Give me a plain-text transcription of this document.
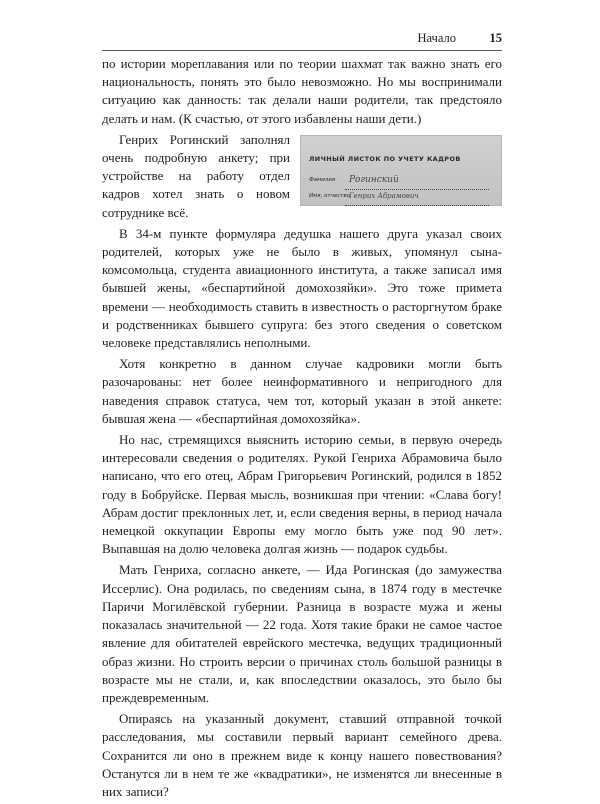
Начало	15

по истории мореплавания или по теории шахмат так важно знать его национальность, понять это было невозможно. Но мы воспринимали ситуацию как данность: так делали наши родители, так предстояло делать и нам. (К счастью, от этого избавлены наши дети.)

ЛИЧНЫЙ ЛИСТОК ПО УЧЕТУ КАДРОВ
Фамилия Рогинский
Имя, отчество
Генрих Абрамович

Генрих Рогинский заполнял очень подробную анкету; при устройстве на работу отдел кадров хотел знать о новом сотруднике всё.

В 34-м пункте формуляра дедушка нашего друга указал своих родителей, которых уже не было в живых, упомянул сына-комсомольца, студента авиационного института, а также записал имя бывшей жены, «беспартийной домохозяйки». Это тоже примета времени — необходимость ставить в известность о расторгнутом браке и родственниках бывшего супруга: без этого сведения о советском человеке представлялись неполными.

Хотя конкретно в данном случае кадровики могли быть разочарованы: нет более неинформативного и непригодного для наведения справок статуса, чем тот, который указан в этой анкете: бывшая жена — «беспартийная домохозяйка».

Но нас, стремящихся выяснить историю семьи, в первую очередь интересовали сведения о родителях. Рукой Генриха Абрамовича было написано, что его отец, Абрам Григорьевич Рогинский, родился в 1852 году в Бобруйске. Первая мысль, возникшая при чтении: «Слава богу! Абрам достиг преклонных лет, и, если сведения верны, в период начала немецкой оккупации Европы ему могло быть уже под 90 лет». Выпавшая на долю человека долгая жизнь — подарок судьбы.

Мать Генриха, согласно анкете, — Ида Рогинская (до замужества Иссерлис). Она родилась, по сведениям сына, в 1874 году в местечке Паричи Могилёвской губернии. Разница в возрасте мужа и жены показалась значительной — 22 года. Хотя такие браки не самое частое явление для обитателей еврейского местечка, ведущих традиционный образ жизни. Но строить версии о причинах столь большой разницы в возрасте мы не стали, и, как впоследствии оказалось, это было бы преждевременным.

Опираясь на указанный документ, ставший отправной точкой расследования, мы составили первый вариант семейного древа. Сохранится ли оно в прежнем виде к концу нашего повествования? Останутся ли в нем те же «квадратики», не изменятся ли внесенные в них записи?
